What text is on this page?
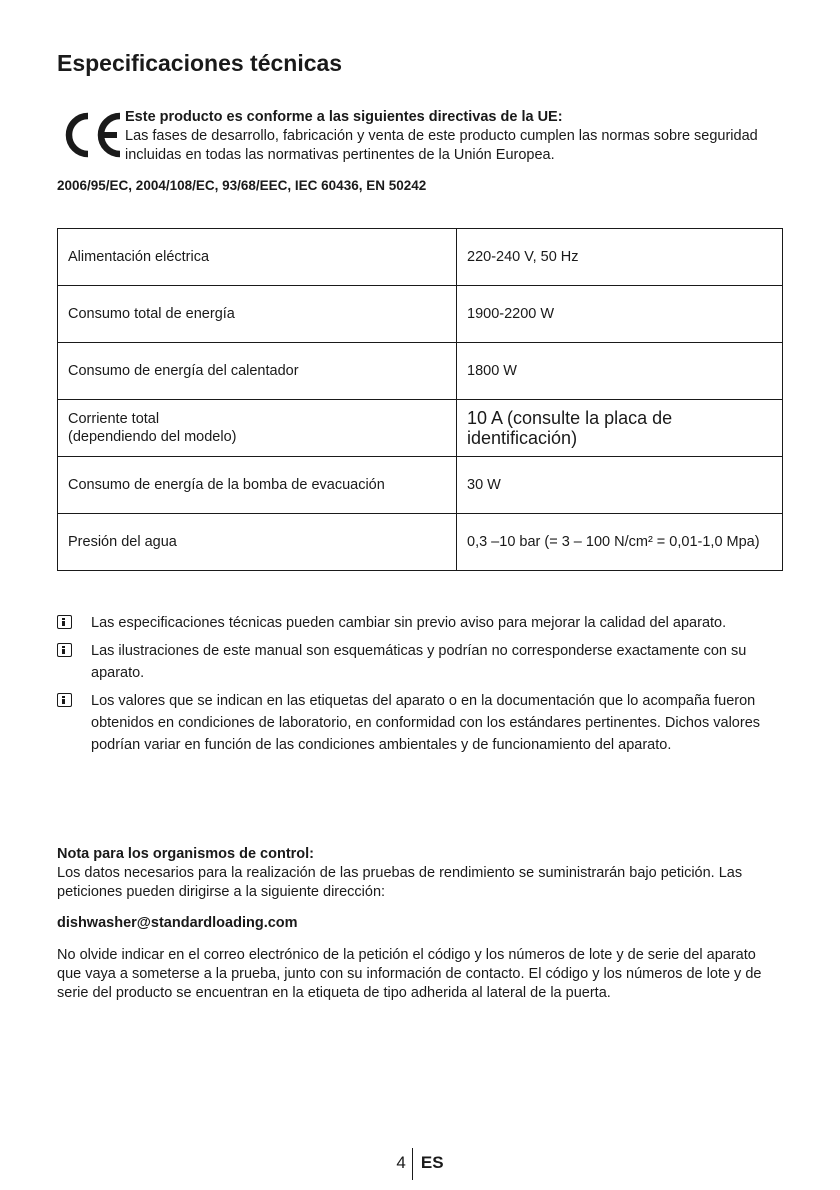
Especificaciones técnicas
Este producto es conforme a las siguientes directivas de la UE:
Las fases de desarrollo, fabricación y venta de este producto cumplen las normas sobre seguridad incluidas en todas las normativas pertinentes de la Unión Europea.
2006/95/EC, 2004/108/EC, 93/68/EEC, IEC 60436, EN 50242
Alimentación eléctrica	220-240 V, 50 Hz
Consumo total de energía	1900-2200 W
Consumo de energía del calentador	1800 W
Corriente total
(dependiendo del modelo)	10 A (consulte la placa de identificación)
Consumo de energía de la bomba de evacuación	30 W
Presión del agua	0,3 –10 bar (= 3 – 100 N/cm² = 0,01-1,0 Mpa)
Las especificaciones técnicas pueden cambiar sin previo aviso para mejorar la calidad del aparato.
Las ilustraciones de este manual son esquemáticas y podrían no corresponderse exactamente con su aparato.
Los valores que se indican en las etiquetas del aparato o en la documentación que lo acompaña fueron obtenidos en condiciones de laboratorio, en conformidad con los estándares pertinentes. Dichos valores podrían variar en función de las condiciones ambientales y de funcionamiento del aparato.
Nota para los organismos de control:
Los datos necesarios para la realización de las pruebas de rendimiento se suministrarán bajo petición. Las peticiones pueden dirigirse a la siguiente dirección:
dishwasher@standardloading.com
No olvide indicar en el correo electrónico de la petición el código y los números de lote y de serie del aparato que vaya a someterse a la prueba, junto con su información de contacto. El código y los números de lote y de serie del producto se encuentran en la etiqueta de tipo adherida al lateral de la puerta.
4 ES
